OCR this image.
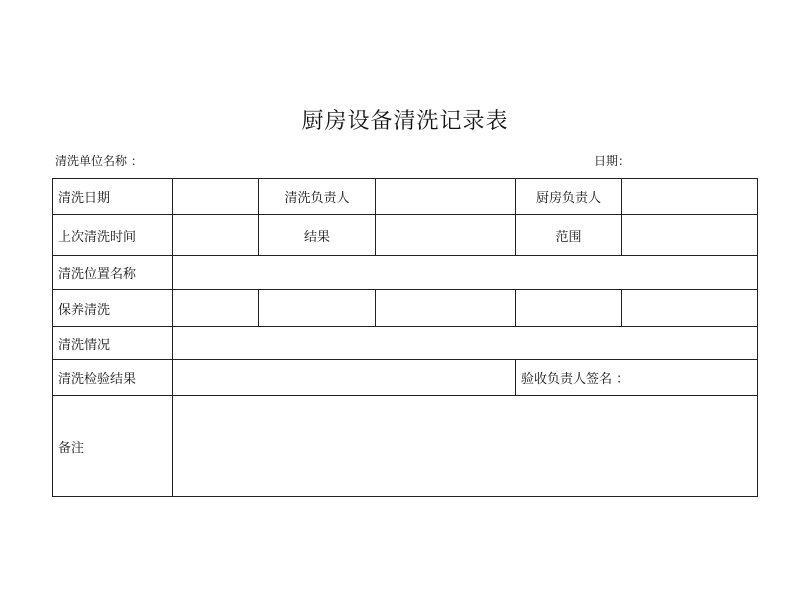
厨房设备清洗记录表
清洗单位名称 ：	日期：
清洗日期		清洗负责人		厨房负责人	
上次清洗时间		结果		范围	
清洗位置名称					
保养清洗					
清洗情况					
清洗检验结果				验收负责人签名 ：	
备注					
